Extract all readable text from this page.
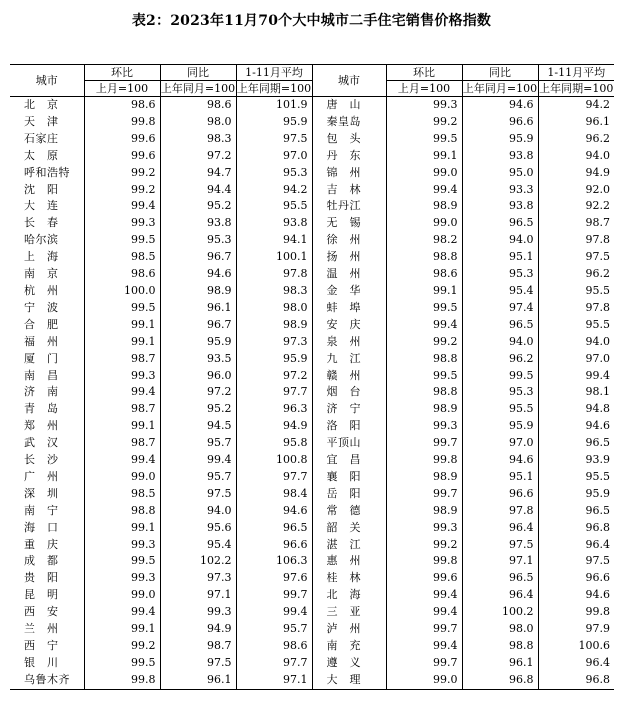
表2：2023年11月70个大中城市二手住宅销售价格指数
城市	环比	同比	1-11月平均	城市	环比	同比	1-11月平均
	上月=100	上年同月=100	上年同期=100		上月=100	上年同月=100	上年同期=100
北　京	98.6	98.6	101.9	唐　山	99.3	94.6	94.2
天　津	99.8	98.0	95.9	秦皇岛	99.2	96.6	96.1
石家庄	99.6	98.3	97.5	包　头	99.5	95.9	96.2
太　原	99.6	97.2	97.0	丹　东	99.1	93.8	94.0
呼和浩特	99.2	94.7	95.3	锦　州	99.0	95.0	94.9
沈　阳	99.2	94.4	94.2	吉　林	99.4	93.3	92.0
大　连	99.4	95.2	95.5	牡丹江	98.9	93.8	92.2
长　春	99.3	93.8	93.8	无　锡	99.0	96.5	98.7
哈尔滨	99.5	95.3	94.1	徐　州	98.2	94.0	97.8
上　海	98.5	96.7	100.1	扬　州	98.8	95.1	97.5
南　京	98.6	94.6	97.8	温　州	98.6	95.3	96.2
杭　州	100.0	98.9	98.3	金　华	99.1	95.4	95.5
宁　波	99.5	96.1	98.0	蚌　埠	99.5	97.4	97.8
合　肥	99.1	96.7	98.9	安　庆	99.4	96.5	95.5
福　州	99.1	95.9	97.3	泉　州	99.2	94.0	94.0
厦　门	98.7	93.5	95.9	九　江	98.8	96.2	97.0
南　昌	99.3	96.0	97.2	赣　州	99.5	99.5	99.4
济　南	99.4	97.2	97.7	烟　台	98.8	95.3	98.1
青　岛	98.7	95.2	96.3	济　宁	98.9	95.5	94.8
郑　州	99.1	94.5	94.9	洛　阳	99.3	95.9	94.6
武　汉	98.7	95.7	95.8	平顶山	99.7	97.0	96.5
长　沙	99.4	99.4	100.8	宜　昌	99.8	94.6	93.9
广　州	99.0	95.7	97.7	襄　阳	98.9	95.1	95.5
深　圳	98.5	97.5	98.4	岳　阳	99.7	96.6	95.9
南　宁	98.8	94.0	94.6	常　德	98.9	97.8	96.5
海　口	99.1	95.6	96.5	韶　关	99.3	96.4	96.8
重　庆	99.3	95.4	96.6	湛　江	99.2	97.5	96.4
成　都	99.5	102.2	106.3	惠　州	99.8	97.1	97.5
贵　阳	99.3	97.3	97.6	桂　林	99.6	96.5	96.6
昆　明	99.0	97.1	99.7	北　海	99.4	96.4	94.6
西　安	99.4	99.3	99.4	三　亚	99.4	100.2	99.8
兰　州	99.1	94.9	95.7	泸　州	99.7	98.0	97.9
西　宁	99.2	98.7	98.6	南　充	99.4	98.8	100.6
银　川	99.5	97.5	97.7	遵　义	99.7	96.1	96.4
乌鲁木齐	99.8	96.1	97.1	大　理	99.0	96.8	96.8
